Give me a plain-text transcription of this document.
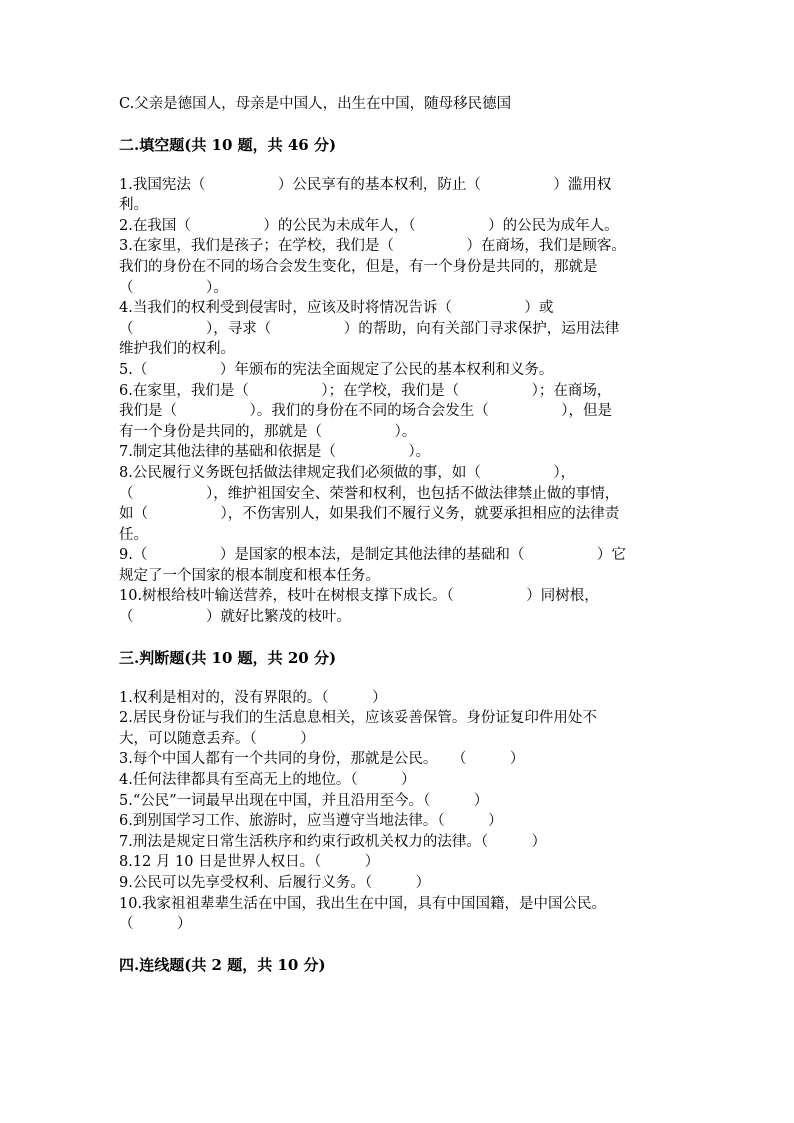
C.父亲是德国人，母亲是中国人，出生在中国，随母移民德国
二.填空题(共 10 题，共 46 分)
1.我国宪法（　　　　　）公民享有的基本权利，防止（　　　　　）滥用权
利。
2.在我国（　　　　　）的公民为未成年人，（　　　　　）的公民为成年人。
3.在家里，我们是孩子；在学校，我们是（　　　　　）在商场，我们是顾客。
我们的身份在不同的场合会发生变化，但是，有一个身份是共同的，那就是
（　　　　　）。
4.当我们的权利受到侵害时，应该及时将情况告诉（　　　　　）或
（　　　　　），寻求（　　　　　）的帮助，向有关部门寻求保护，运用法律
维护我们的权利。
5.（　　　　　）年颁布的宪法全面规定了公民的基本权利和义务。
6.在家里，我们是（　　　　　）；在学校，我们是（　　　　　）；在商场，
我们是（　　　　　）。我们的身份在不同的场合会发生（　　　　　），但是
有一个身份是共同的，那就是（　　　　　）。
7.制定其他法律的基础和依据是（　　　　　）。
8.公民履行义务既包括做法律规定我们必须做的事，如（　　　　　），
（　　　　　），维护祖国安全、荣誉和权利，也包括不做法律禁止做的事情，
如（　　　　　），不伤害别人，如果我们不履行义务，就要承担相应的法律责
任。
9.（　　　　　）是国家的根本法，是制定其他法律的基础和（　　　　　）它
规定了一个国家的根本制度和根本任务。
10.树根给枝叶输送营养，枝叶在树根支撑下成长。（　　　　　）同树根，
（　　　　　）就好比繁茂的枝叶。
三.判断题(共 10 题，共 20 分)
1.权利是相对的，没有界限的。（　　　）
2.居民身份证与我们的生活息息相关，应该妥善保管。身份证复印件用处不
大，可以随意丢弃。（　　　）
3.每个中国人都有一个共同的身份，那就是公民。　　（　　　）
4.任何法律都具有至高无上的地位。（　　　）
5.“公民”一词最早出现在中国，并且沿用至今。（　　　）
6.到别国学习工作、旅游时，应当遵守当地法律。（　　　）
7.刑法是规定日常生活秩序和约束行政机关权力的法律。（　　　）
8.12 月 10 日是世界人权日。（　　　）
9.公民可以先享受权利、后履行义务。（　　　）
10.我家祖祖辈辈生活在中国，我出生在中国，具有中国国籍，是中国公民。
（　　　）
四.连线题(共 2 题，共 10 分)
